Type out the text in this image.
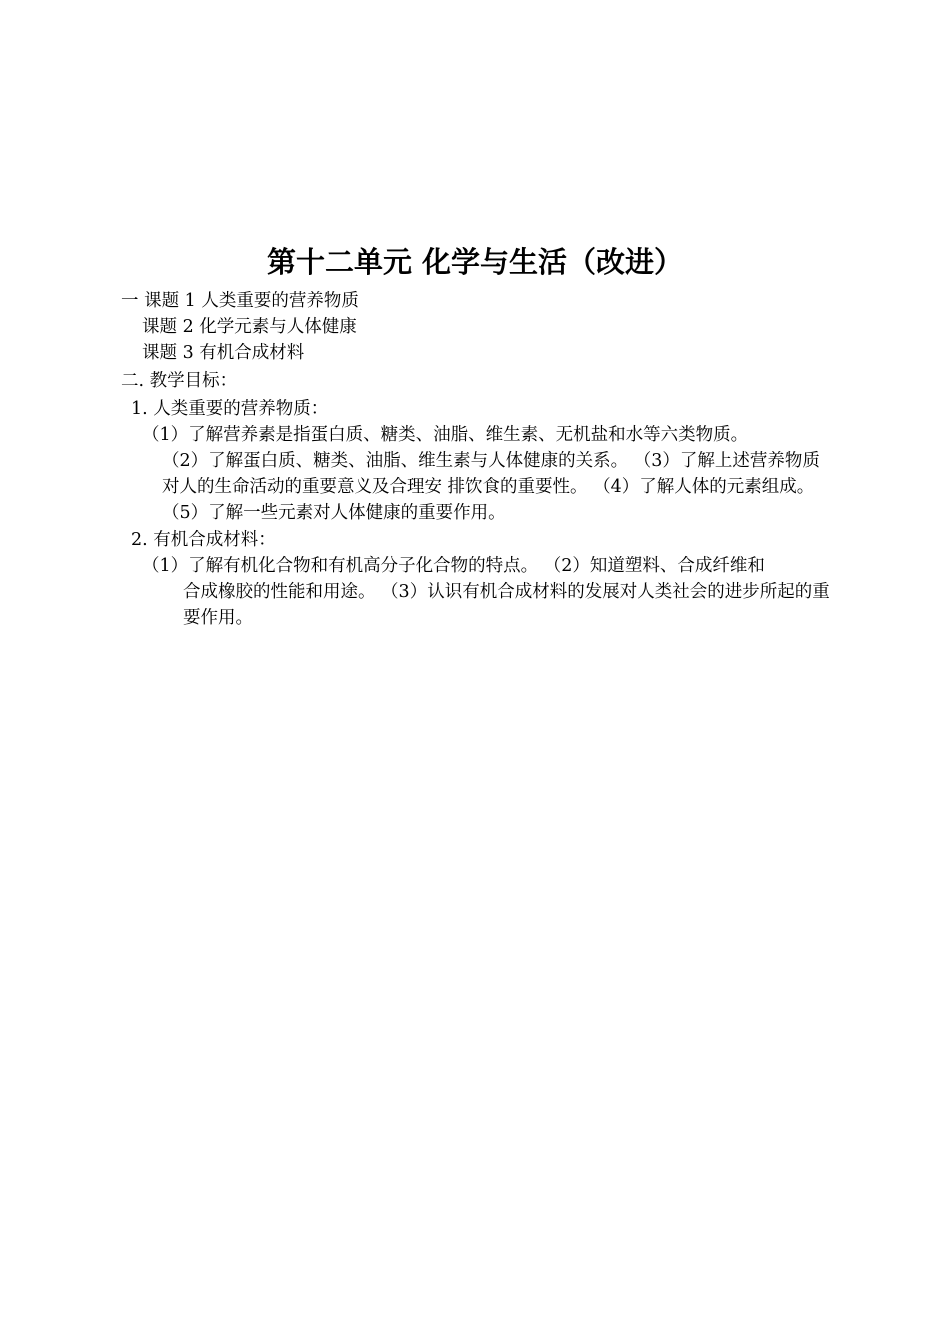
第十二单元 化学与生活（改进）
一 课题 1 人类重要的营养物质
课题 2 化学元素与人体健康
课题 3 有机合成材料
二. 教学目标：
1. 人类重要的营养物质：
（1）了解营养素是指蛋白质、糖类、油脂、维生素、无机盐和水等六类物质。
（2）了解蛋白质、糖类、油脂、维生素与人体健康的关系。 （3）了解上述营养物质对人的生命活动的重要意义及合理安 排饮食的重要性。 （4）了解人体的元素组成。 （5）了解一些元素对人体健康的重要作用。
2. 有机合成材料：
（1）了解有机化合物和有机高分子化合物的特点。 （2）知道塑料、合成纤维和
合成橡胶的性能和用途。 （3）认识有机合成材料的发展对人类社会的进步所起的重要作用。
